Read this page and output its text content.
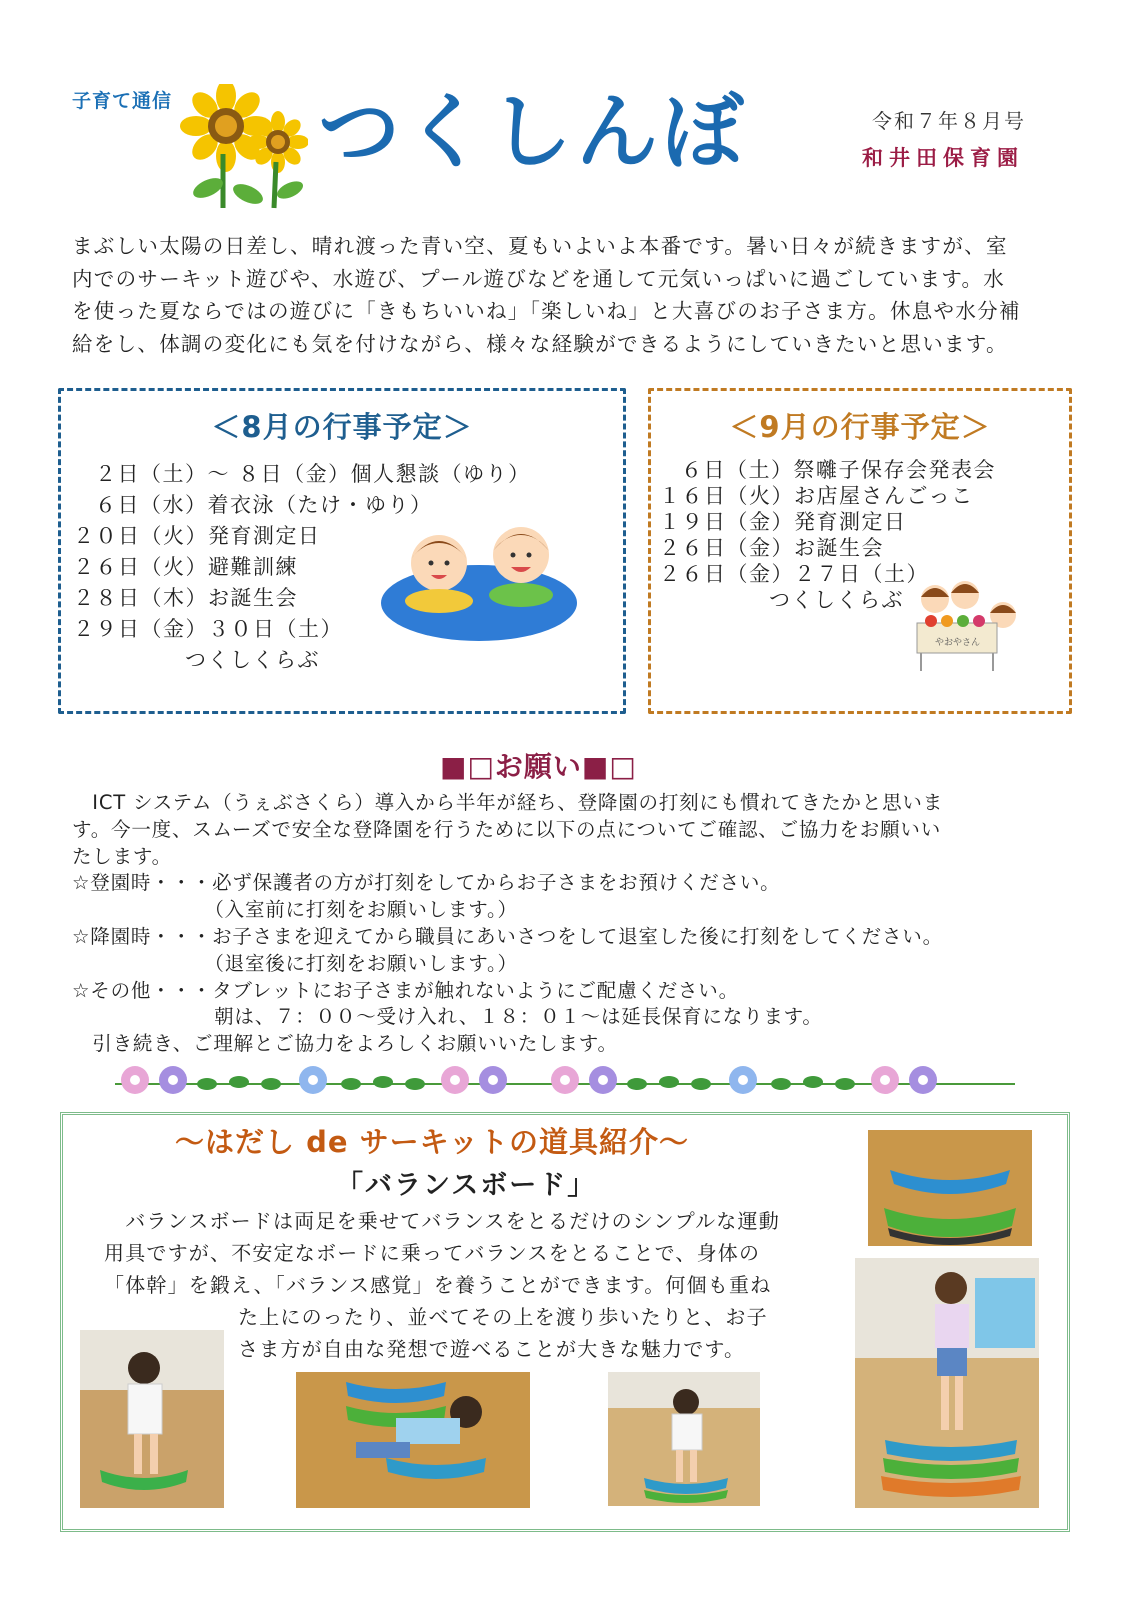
子育て通信 つくしんぼ	令和７年８月号
和井田保育園

まぶしい太陽の日差し、晴れ渡った青い空、夏もいよいよ本番です。暑い日々が続きますが、室

内でのサーキット遊びや、水遊び、プール遊びなどを通して元気いっぱいに過ごしています。水

を使った夏ならではの遊びに「きもちいいね」「楽しいね」と大喜びのお子さま方。休息や水分補

給をし、体調の変化にも気を付けながら、様々な経験ができるようにしていきたいと思います。

＜8月の行事予定＞
２日（土）～ ８日（金）個人懇談（ゆり）
６日（水）着衣泳（たけ・ゆり）
２０日（火）発育測定日
２６日（火）避難訓練
２８日（木）お誕生会
２９日（金）３０日（土）
つくしくらぶ
＜9月の行事予定＞
６日（土）祭囃子保存会発表会
１６日（火）お店屋さんごっこ
１９日（金）発育測定日
２６日（金）お誕生会
２６日（金）２７日（土）
つくしくらぶ
やおやさん
■□お願い■□

　ICT システム（うぇぶさくら）導入から半年が経ち、登降園の打刻にも慣れてきたかと思いま

す。今一度、スムーズで安全な登降園を行うために以下の点についてご確認、ご協力をお願いい

たします。

☆登園時・・・必ず保護者の方が打刻をしてからお子さまをお預けください。

　　　　　　　（入室前に打刻をお願いします。）

☆降園時・・・お子さまを迎えてから職員にあいさつをして退室した後に打刻をしてください。

　　　　　　　（退室後に打刻をお願いします。）

☆その他・・・タブレットにお子さまが触れないようにご配慮ください。

　　　　　　　朝は、７：００～受け入れ、１８：０１～は延長保育になります。

　引き続き、ご理解とご協力をよろしくお願いいたします。

～はだし de サーキットの道具紹介～
「バランスボード」
　バランスボードは両足を乗せてバランスをとるだけのシンプルな運動
用具ですが、不安定なボードに乗ってバランスをとることで、身体の
「体幹」を鍛え、「バランス感覚」を養うことができます。何個も重ね
た上にのったり、並べてその上を渡り歩いたりと、お子
さま方が自由な発想で遊べることが大きな魅力です。
